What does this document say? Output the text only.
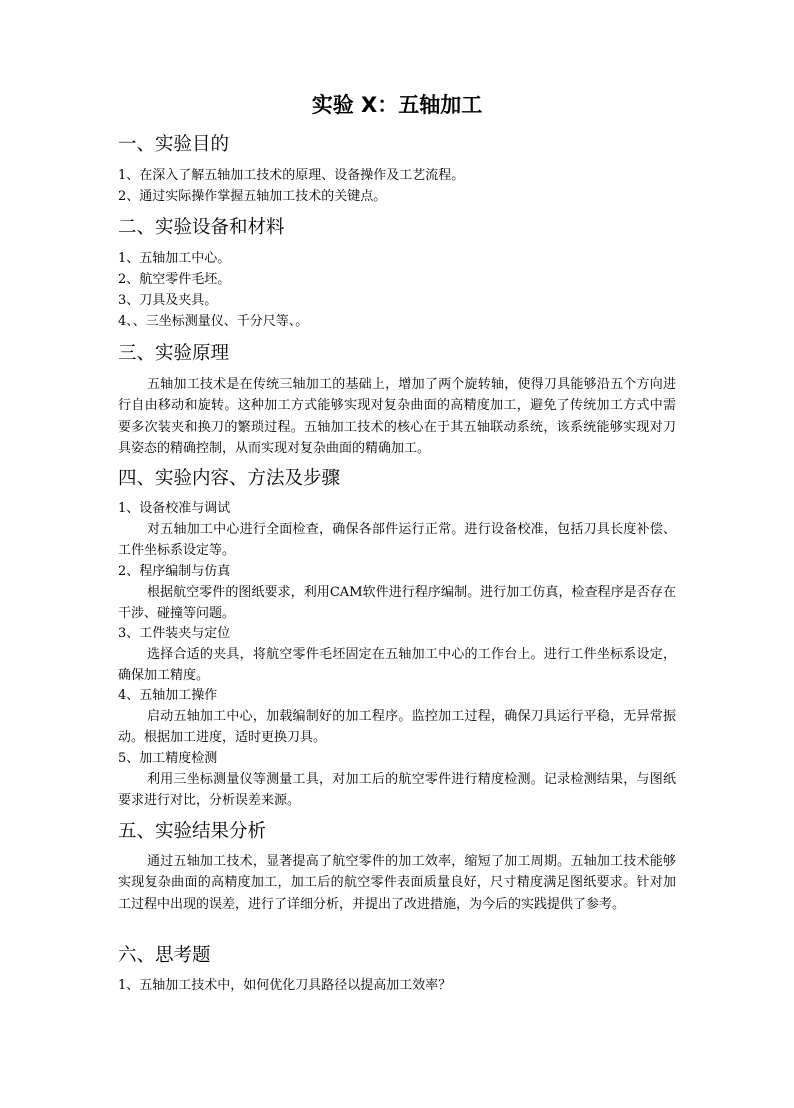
实验 X：五轴加工
一、实验目的
1、在深入了解五轴加工技术的原理、设备操作及工艺流程。
2、通过实际操作掌握五轴加工技术的关键点。
二、实验设备和材料
1、五轴加工中心。
2、航空零件毛坯。
3、刀具及夹具。
4、、三坐标测量仪、千分尺等、。
三、实验原理
五轴加工技术是在传统三轴加工的基础上，增加了两个旋转轴，使得刀具能够沿五个方向进行自由移动和旋转。这种加工方式能够实现对复杂曲面的高精度加工，避免了传统加工方式中需要多次装夹和换刀的繁琐过程。五轴加工技术的核心在于其五轴联动系统，该系统能够实现对刀具姿态的精确控制，从而实现对复杂曲面的精确加工。
四、实验内容、方法及步骤
1、设备校准与调试
对五轴加工中心进行全面检查，确保各部件运行正常。进行设备校准，包括刀具长度补偿、工件坐标系设定等。
2、程序编制与仿真
根据航空零件的图纸要求，利用CAM软件进行程序编制。进行加工仿真，检查程序是否存在干涉、碰撞等问题。
3、工件装夹与定位
选择合适的夹具，将航空零件毛坯固定在五轴加工中心的工作台上。进行工件坐标系设定，确保加工精度。
4、五轴加工操作
启动五轴加工中心，加载编制好的加工程序。监控加工过程，确保刀具运行平稳，无异常振动。根据加工进度，适时更换刀具。
5、加工精度检测
利用三坐标测量仪等测量工具，对加工后的航空零件进行精度检测。记录检测结果，与图纸要求进行对比，分析误差来源。
五、实验结果分析
通过五轴加工技术，显著提高了航空零件的加工效率，缩短了加工周期。五轴加工技术能够实现复杂曲面的高精度加工，加工后的航空零件表面质量良好，尺寸精度满足图纸要求。针对加工过程中出现的误差，进行了详细分析，并提出了改进措施，为今后的实践提供了参考。
六、思考题
1、五轴加工技术中，如何优化刀具路径以提高加工效率？
